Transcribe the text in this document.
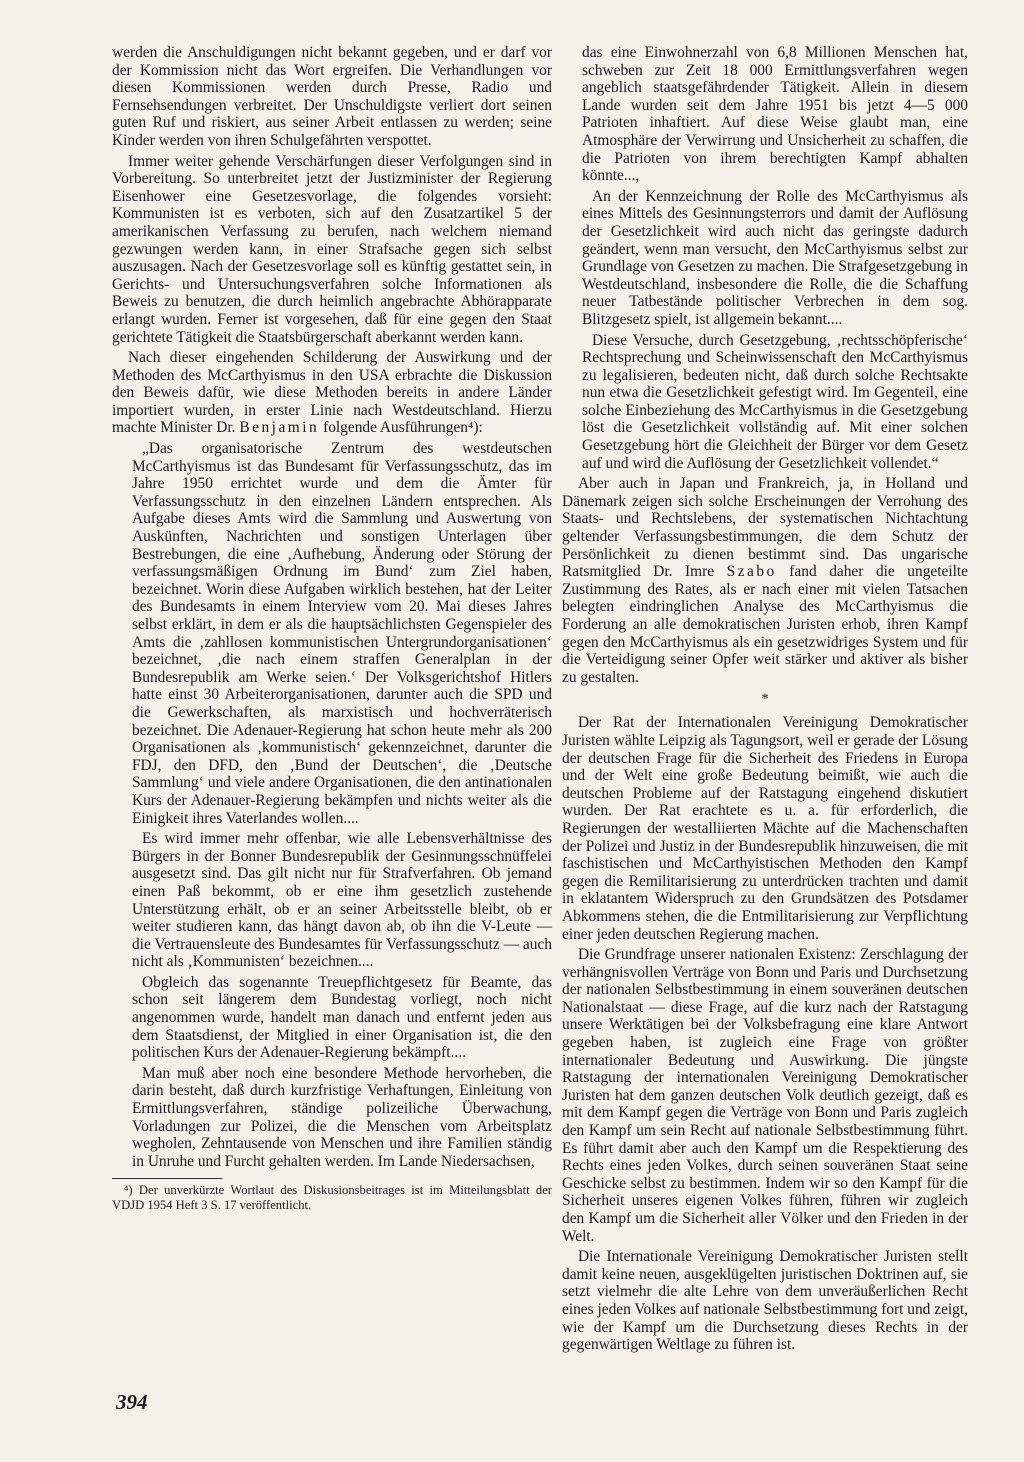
werden die Anschuldigungen nicht bekannt gegeben, und er darf vor der Kommission nicht das Wort ergreifen. Die Verhandlungen vor diesen Kommissionen werden durch Presse, Radio und Fernsehsendungen verbreitet. Der Unschuldigste verliert dort seinen guten Ruf und riskiert, aus seiner Arbeit entlassen zu werden; seine Kinder werden von ihren Schulgefährten verspottet.

Immer weiter gehende Verschärfungen dieser Verfolgungen sind in Vorbereitung. So unterbreitet jetzt der Justizminister der Regierung Eisenhower eine Gesetzesvorlage, die folgendes vorsieht: Kommunisten ist es verboten, sich auf den Zusatzartikel 5 der amerikanischen Verfassung zu berufen, nach welchem niemand gezwungen werden kann, in einer Strafsache gegen sich selbst auszusagen. Nach der Gesetzesvorlage soll es künftig gestattet sein, in Gerichts- und Untersuchungsverfahren solche Informationen als Beweis zu benutzen, die durch heimlich angebrachte Abhörapparate erlangt wurden. Ferner ist vorgesehen, daß für eine gegen den Staat gerichtete Tätigkeit die Staatsbürgerschaft aberkannt werden kann.

Nach dieser eingehenden Schilderung der Auswirkung und der Methoden des McCarthyismus in den USA erbrachte die Diskussion den Beweis dafür, wie diese Methoden bereits in andere Länder importiert wurden, in erster Linie nach Westdeutschland. Hierzu machte Minister Dr. Benjamin folgende Ausführungen⁴):

„Das organisatorische Zentrum des westdeutschen McCarthyismus ist das Bundesamt für Verfassungsschutz, das im Jahre 1950 errichtet wurde und dem die Ämter für Verfassungsschutz in den einzelnen Ländern entsprechen. Als Aufgabe dieses Amts wird die Sammlung und Auswertung von Auskünften, Nachrichten und sonstigen Unterlagen über Bestrebungen, die eine ‚Aufhebung, Änderung oder Störung der verfassungsmäßigen Ordnung im Bund‘ zum Ziel haben, bezeichnet. Worin diese Aufgaben wirklich bestehen, hat der Leiter des Bundesamts in einem Interview vom 20. Mai dieses Jahres selbst erklärt, in dem er als die hauptsächlichsten Gegenspieler des Amts die ‚zahllosen kommunistischen Untergrundorganisationen‘ bezeichnet, ‚die nach einem straffen Generalplan in der Bundesrepublik am Werke seien.‘ Der Volksgerichtshof Hitlers hatte einst 30 Arbeiterorganisationen, darunter auch die SPD und die Gewerkschaften, als marxistisch und hochverräterisch bezeichnet. Die Adenauer-Regierung hat schon heute mehr als 200 Organisationen als ‚kommunistisch‘ gekennzeichnet, darunter die FDJ, den DFD, den ‚Bund der Deutschen‘, die ‚Deutsche Sammlung‘ und viele andere Organisationen, die den antinationalen Kurs der Adenauer-Regierung bekämpfen und nichts weiter als die Einigkeit ihres Vaterlandes wollen....

Es wird immer mehr offenbar, wie alle Lebensverhältnisse des Bürgers in der Bonner Bundesrepublik der Gesinnungsschnüffelei ausgesetzt sind. Das gilt nicht nur für Strafverfahren. Ob jemand einen Paß bekommt, ob er eine ihm gesetzlich zustehende Unterstützung erhält, ob er an seiner Arbeitsstelle bleibt, ob er weiter studieren kann, das hängt davon ab, ob ihn die V-Leute — die Vertrauensleute des Bundesamtes für Verfassungsschutz — auch nicht als ‚Kommunisten‘ bezeichnen....

Obgleich das sogenannte Treuepflichtgesetz für Beamte, das schon seit längerem dem Bundestag vorliegt, noch nicht angenommen wurde, handelt man danach und entfernt jeden aus dem Staatsdienst, der Mitglied in einer Organisation ist, die den politischen Kurs der Adenauer-Regierung bekämpft....

Man muß aber noch eine besondere Methode hervorheben, die darin besteht, daß durch kurzfristige Verhaftungen, Einleitung von Ermittlungsverfahren, ständige polizeiliche Überwachung, Vorladungen zur Polizei, die die Menschen vom Arbeitsplatz wegholen, Zehntausende von Menschen und ihre Familien ständig in Unruhe und Furcht gehalten werden. Im Lande Niedersachsen,

⁴) Der unverkürzte Wortlaut des Diskusionsbeitrages ist im Mitteilungsblatt der VDJD 1954 Heft 3 S. 17 veröffentlicht.

das eine Einwohnerzahl von 6,8 Millionen Menschen hat, schweben zur Zeit 18 000 Ermittlungsverfahren wegen angeblich staatsgefährdender Tätigkeit. Allein in diesem Lande wurden seit dem Jahre 1951 bis jetzt 4—5 000 Patrioten inhaftiert. Auf diese Weise glaubt man, eine Atmosphäre der Verwirrung und Unsicherheit zu schaffen, die die Patrioten von ihrem berechtigten Kampf abhalten könnte...,

An der Kennzeichnung der Rolle des McCarthyismus als eines Mittels des Gesinnungsterrors und damit der Auflösung der Gesetzlichkeit wird auch nicht das geringste dadurch geändert, wenn man versucht, den McCarthyismus selbst zur Grundlage von Gesetzen zu machen. Die Strafgesetzgebung in Westdeutschland, insbesondere die Rolle, die die Schaffung neuer Tatbestände politischer Verbrechen in dem sog. Blitzgesetz spielt, ist allgemein bekannt....

Diese Versuche, durch Gesetzgebung, ‚rechtsschöpferische‘ Rechtsprechung und Scheinwissenschaft den McCarthyismus zu legalisieren, bedeuten nicht, daß durch solche Rechtsakte nun etwa die Gesetzlichkeit gefestigt wird. Im Gegenteil, eine solche Einbeziehung des McCarthyismus in die Gesetzgebung löst die Gesetzlichkeit vollständig auf. Mit einer solchen Gesetzgebung hört die Gleichheit der Bürger vor dem Gesetz auf und wird die Auflösung der Gesetzlichkeit vollendet.“

Aber auch in Japan und Frankreich, ja, in Holland und Dänemark zeigen sich solche Erscheinungen der Verrohung des Staats- und Rechtslebens, der systematischen Nichtachtung geltender Verfassungsbestimmungen, die dem Schutz der Persönlichkeit zu dienen bestimmt sind. Das ungarische Ratsmitglied Dr. Imre Szabo fand daher die ungeteilte Zustimmung des Rates, als er nach einer mit vielen Tatsachen belegten eindringlichen Analyse des McCarthyismus die Forderung an alle demokratischen Juristen erhob, ihren Kampf gegen den McCarthyismus als ein gesetzwidriges System und für die Verteidigung seiner Opfer weit stärker und aktiver als bisher zu gestalten.

*

Der Rat der Internationalen Vereinigung Demokratischer Juristen wählte Leipzig als Tagungsort, weil er gerade der Lösung der deutschen Frage für die Sicherheit des Friedens in Europa und der Welt eine große Bedeutung beimißt, wie auch die deutschen Probleme auf der Ratstagung eingehend diskutiert wurden. Der Rat erachtete es u. a. für erforderlich, die Regierungen der westalliierten Mächte auf die Machenschaften der Polizei und Justiz in der Bundesrepublik hinzuweisen, die mit faschistischen und McCarthyistischen Methoden den Kampf gegen die Remilitarisierung zu unterdrücken trachten und damit in eklatantem Widerspruch zu den Grundsätzen des Potsdamer Abkommens stehen, die die Entmilitarisierung zur Verpflichtung einer jeden deutschen Regierung machen.

Die Grundfrage unserer nationalen Existenz: Zerschlagung der verhängnisvollen Verträge von Bonn und Paris und Durchsetzung der nationalen Selbstbestimmung in einem souveränen deutschen Nationalstaat — diese Frage, auf die kurz nach der Ratstagung unsere Werktätigen bei der Volksbefragung eine klare Antwort gegeben haben, ist zugleich eine Frage von größter internationaler Bedeutung und Auswirkung. Die jüngste Ratstagung der internationalen Vereinigung Demokratischer Juristen hat dem ganzen deutschen Volk deutlich gezeigt, daß es mit dem Kampf gegen die Verträge von Bonn und Paris zugleich den Kampf um sein Recht auf nationale Selbstbestimmung führt. Es führt damit aber auch den Kampf um die Respektierung des Rechts eines jeden Volkes, durch seinen souveränen Staat seine Geschicke selbst zu bestimmen. Indem wir so den Kampf für die Sicherheit unseres eigenen Volkes führen, führen wir zugleich den Kampf um die Sicherheit aller Völker und den Frieden in der Welt.

Die Internationale Vereinigung Demokratischer Juristen stellt damit keine neuen, ausgeklügelten juristischen Doktrinen auf, sie setzt vielmehr die alte Lehre von dem unveräußerlichen Recht eines jeden Volkes auf nationale Selbstbestimmung fort und zeigt, wie der Kampf um die Durchsetzung dieses Rechts in der gegenwärtigen Weltlage zu führen ist.

394
